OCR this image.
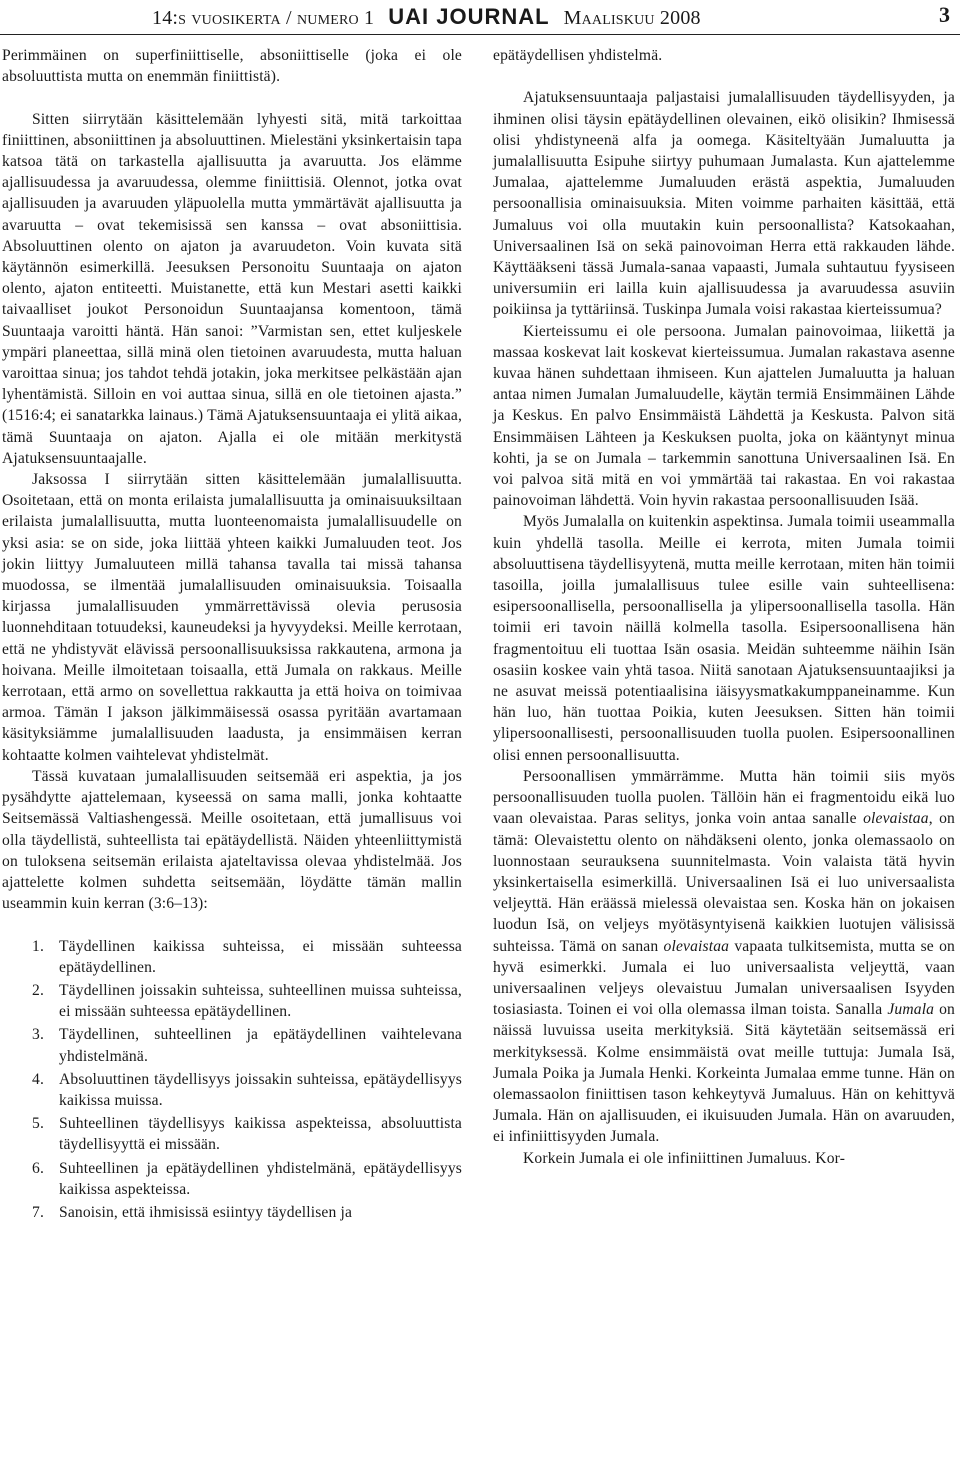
14:s vuosikerta / numero 1 UAI JOURNAL Maaliskuu 2008	3

Perimmäinen on superfiniittiselle, absoniittiselle (joka ei ole absoluuttista mutta on enemmän finiittistä).

Sitten siirrytään käsittelemään lyhyesti sitä, mitä tarkoittaa finiittinen, absoniittinen ja absoluuttinen. Mielestäni yksinkertaisin tapa katsoa tätä on tarkastella ajallisuutta ja avaruutta. Jos elämme ajallisuudessa ja avaruudessa, olemme finiittisiä. Olennot, jotka ovat ajallisuuden ja avaruuden yläpuolella mutta ymmärtävät ajallisuutta ja avaruutta – ovat tekemisissä sen kanssa – ovat absoniittisia. Absoluuttinen olento on ajaton ja avaruudeton. Voin kuvata sitä käytännön esimerkillä. Jeesuksen Personoitu Suuntaaja on ajaton olento, ajaton entiteetti. Muistanette, että kun Mestari asetti kaikki taivaalliset joukot Personoidun Suuntaajansa komentoon, tämä Suuntaaja varoitti häntä. Hän sanoi: ”Varmistan sen, ettet kuljeskele ympäri planeettaa, sillä minä olen tietoinen avaruudesta, mutta haluan varoittaa sinua; jos tahdot tehdä jotakin, joka merkitsee pelkästään ajan lyhentämistä. Silloin en voi auttaa sinua, sillä en ole tietoinen ajasta.” (1516:4; ei sanatarkka lainaus.) Tämä Ajatuksensuuntaaja ei ylitä aikaa, tämä Suuntaaja on ajaton. Ajalla ei ole mitään merkitystä Ajatuksensuuntaajalle.

Jaksossa I siirrytään sitten käsittelemään jumalallisuutta. Osoitetaan, että on monta erilaista jumalallisuutta ja ominaisuuksiltaan erilaista jumalallisuutta, mutta luonteenomaista jumalallisuudelle on yksi asia: se on side, joka liittää yhteen kaikki Jumaluuden teot. Jos jokin liittyy Jumaluuteen millä tahansa tavalla tai missä tahansa muodossa, se ilmentää jumalallisuuden ominaisuuksia. Toisaalla kirjassa jumalallisuuden ymmärrettävissä olevia perusosia luonnehditaan totuudeksi, kauneudeksi ja hyvyydeksi. Meille kerrotaan, että ne yhdistyvät elävissä persoonallisuuksissa rakkautena, armona ja hoivana. Meille ilmoitetaan toisaalla, että Jumala on rakkaus. Meille kerrotaan, että armo on sovellettua rakkautta ja että hoiva on toimivaa armoa. Tämän I jakson jälkimmäisessä osassa pyritään avartamaan käsityksiämme jumalallisuuden laadusta, ja ensimmäisen kerran kohtaatte kolmen vaihtelevat yhdistelmät.

Tässä kuvataan jumalallisuuden seitsemää eri aspektia, ja jos pysähdytte ajattelemaan, kyseessä on sama malli, jonka kohtaatte Seitsemässä Valtiashengessä. Meille osoitetaan, että jumallisuus voi olla täydellistä, suhteellista tai epätäydellistä. Näiden yhteenliittymistä on tuloksena seitsemän erilaista ajateltavissa olevaa yhdistelmää. Jos ajattelette kolmen suhdetta seitsemään, löydätte tämän mallin useammin kuin kerran (3:6–13):

1. Täydellinen kaikissa suhteissa, ei missään suhteessa epätäydellinen.
2. Täydellinen joissakin suhteissa, suhteellinen muissa suhteissa, ei missään suhteessa epätäydellinen.
3. Täydellinen, suhteellinen ja epätäydellinen vaihtelevana yhdistelmänä.
4. Absoluuttinen täydellisyys joissakin suhteissa, epätäydellisyys kaikissa muissa.
5. Suhteellinen täydellisyys kaikissa aspekteissa, absoluuttista täydellisyyttä ei missään.
6. Suhteellinen ja epätäydellinen yhdistelmänä, epätäydellisyys kaikissa aspekteissa.
7. Sanoisin, että ihmisissä esiintyy täydellisen ja

epätäydellisen yhdistelmä.

Ajatuksensuuntaaja paljastaisi jumalallisuuden täydellisyyden, ja ihminen olisi täysin epätäydellinen olevainen, eikö olisikin? Ihmisessä olisi yhdistyneenä alfa ja oomega. Käsiteltyään Jumaluutta ja jumalallisuutta Esipuhe siirtyy puhumaan Jumalasta. Kun ajattelemme Jumalaa, ajattelemme Jumaluuden erästä aspektia, Jumaluuden persoonallisia ominaisuuksia. Miten voimme parhaiten käsittää, että Jumaluus voi olla muutakin kuin persoonallista? Katsokaahan, Universaalinen Isä on sekä painovoiman Herra että rakkauden lähde. Käyttääkseni tässä Jumala-sanaa vapaasti, Jumala suhtautuu fyysiseen universumiin eri lailla kuin ajallisuudessa ja avaruudessa asuviin poikiinsa ja tyttäriinsä. Tuskinpa Jumala voisi rakastaa kierteissumua?

Kierteissumu ei ole persoona. Jumalan painovoimaa, liikettä ja massaa koskevat lait koskevat kierteissumua. Jumalan rakastava asenne kuvaa hänen suhdettaan ihmiseen. Kun ajattelen Jumaluutta ja haluan antaa nimen Jumalan Jumaluudelle, käytän termiä Ensimmäinen Lähde ja Keskus. En palvo Ensimmäistä Lähdettä ja Keskusta. Palvon sitä Ensimmäisen Lähteen ja Keskuksen puolta, joka on kääntynyt minua kohti, ja se on Jumala – tarkemmin sanottuna Universaalinen Isä. En voi palvoa sitä mitä en voi ymmärtää tai rakastaa. En voi rakastaa painovoiman lähdettä. Voin hyvin rakastaa persoonallisuuden Isää.

Myös Jumalalla on kuitenkin aspektinsa. Jumala toimii useammalla kuin yhdellä tasolla. Meille ei kerrota, miten Jumala toimii absoluuttisena täydellisyytenä, mutta meille kerrotaan, miten hän toimii tasoilla, joilla jumalallisuus tulee esille vain suhteellisena: esipersoonallisella, persoonallisella ja ylipersoonallisella tasolla. Hän toimii eri tavoin näillä kolmella tasolla. Esipersoonallisena hän fragmentoituu eli tuottaa Isän osasia. Meidän suhteemme näihin Isän osasiin koskee vain yhtä tasoa. Niitä sanotaan Ajatuksensuuntaajiksi ja ne asuvat meissä potentiaalisina iäisyysmatkakumppaneinamme. Kun hän luo, hän tuottaa Poikia, kuten Jeesuksen. Sitten hän toimii ylipersoonallisesti, persoonallisuuden tuolla puolen. Esipersoonallinen olisi ennen persoonallisuutta.

Persoonallisen ymmärrämme. Mutta hän toimii siis myös persoonallisuuden tuolla puolen. Tällöin hän ei fragmentoidu eikä luo vaan olevaistaa. Paras selitys, jonka voin antaa sanalle olevaistaa, on tämä: Olevaistettu olento on nähdäkseni olento, jonka olemassaolo on luonnostaan seurauksena suunnitelmasta. Voin valaista tätä hyvin yksinkertaisella esimerkillä. Universaalinen Isä ei luo universaalista veljeyttä. Hän eräässä mielessä olevaistaa sen. Koska hän on jokaisen luodun Isä, on veljeys myötäsyntyisenä kaikkien luotujen välisissä suhteissa. Tämä on sanan olevaistaa vapaata tulkitsemista, mutta se on hyvä esimerkki. Jumala ei luo universaalista veljeyttä, vaan universaalinen veljeys olevaistuu Jumalan universaalisen Isyyden tosiasiasta. Toinen ei voi olla olemassa ilman toista. Sanalla Jumala on näissä luvuissa useita merkityksiä. Sitä käytetään seitsemässä eri merkityksessä. Kolme ensimmäistä ovat meille tuttuja: Jumala Isä, Jumala Poika ja Jumala Henki. Korkeinta Jumalaa emme tunne. Hän on olemassaolon finiittisen tason kehkeytyvä Jumaluus. Hän on kehittyvä Jumala. Hän on ajallisuuden, ei ikuisuuden Jumala. Hän on avaruuden, ei infiniittisyyden Jumala.

Korkein Jumala ei ole infiniittinen Jumaluus. Kor-
